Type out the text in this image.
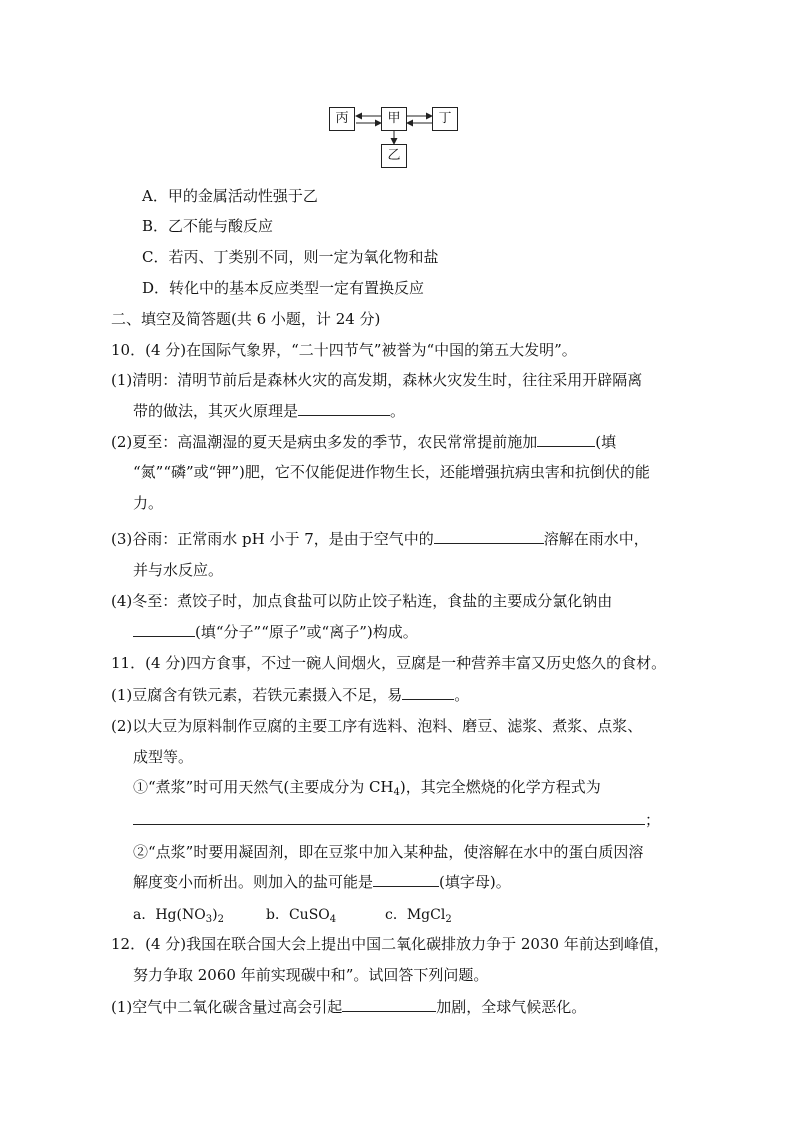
丙	甲	丁
乙
A．甲的金属活动性强于乙
B．乙不能与酸反应
C．若丙、丁类别不同，则一定为氧化物和盐
D．转化中的基本反应类型一定有置换反应
二、填空及简答题(共 6 小题，计 24 分)
10．(4 分)在国际气象界，“二十四节气”被誉为“中国的第五大发明”。
(1)清明：清明节前后是森林火灾的高发期，森林火灾发生时，往往采用开辟隔离
带的做法，其灭火原理是	。
(2)夏至：高温潮湿的夏天是病虫多发的季节，农民常常提前施加	(填
“氮”“磷”或“钾”)肥，它不仅能促进作物生长，还能增强抗病虫害和抗倒伏的能
力。
(3)谷雨：正常雨水 pH 小于 7，是由于空气中的	溶解在雨水中，
并与水反应。
(4)冬至：煮饺子时，加点食盐可以防止饺子粘连，食盐的主要成分氯化钠由
(填“分子”“原子”或“离子”)构成。
11．(4 分)四方食事，不过一碗人间烟火，豆腐是一种营养丰富又历史悠久的食材。
(1)豆腐含有铁元素，若铁元素摄入不足，易	。
(2)以大豆为原料制作豆腐的主要工序有选料、泡料、磨豆、滤浆、煮浆、点浆、
成型等。
①“煮浆”时可用天然气(主要成分为 $CH_4$)，其完全燃烧的化学方程式为
；
②“点浆”时要用凝固剂，即在豆浆中加入某种盐，使溶解在水中的蛋白质因溶
解度变小而析出。则加入的盐可能是	(填字母)。
a．$Hg(NO_3)_2$	b．CuSO$_4$	c．MgCl$_2$
12．(4 分)我国在联合国大会上提出中国二氧化碳排放力争于 2030 年前达到峰值，
努力争取 2060 年前实现碳中和”。试回答下列问题。
(1)空气中二氧化碳含量过高会引起	加剧，全球气候恶化。
